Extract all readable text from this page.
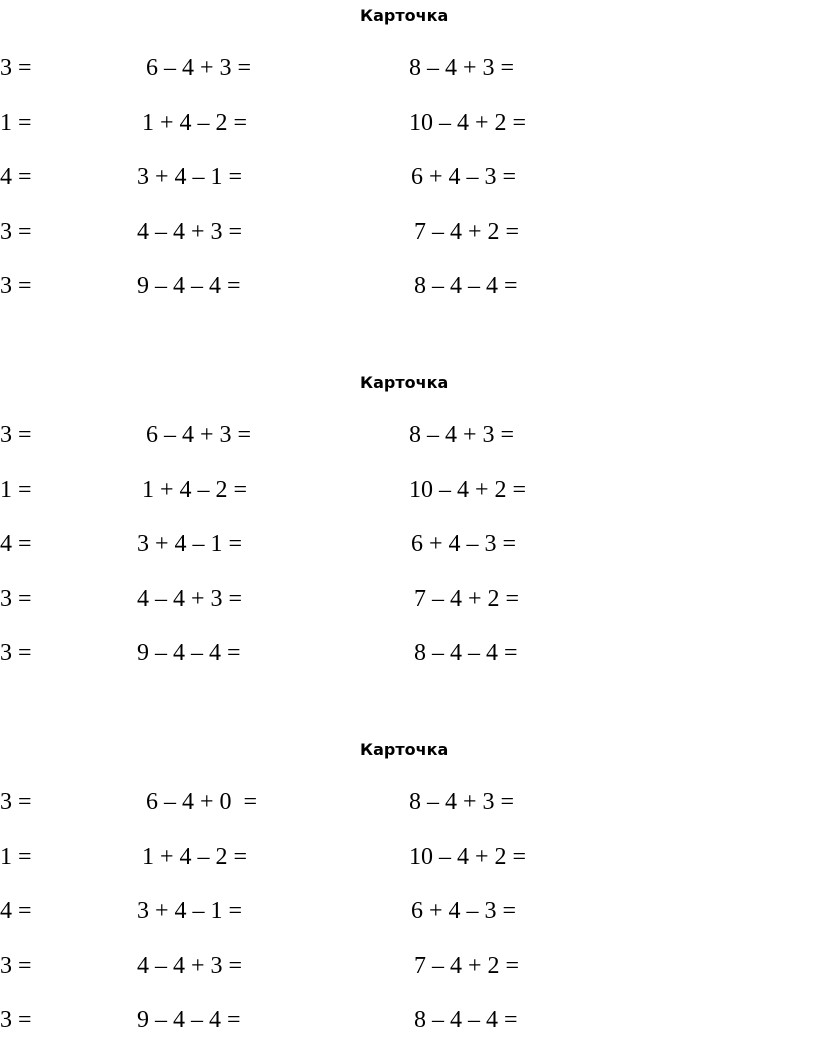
Карточка
3 =	6 – 4 + 3 =	8 – 4 + 3 =
1 =	1 + 4 – 2 =	10 – 4 + 2 =
4 =	3 + 4 – 1 =	6 + 4 – 3 =
3 =	4 – 4 + 3 =	7 – 4 + 2 =
3 =	9 – 4 – 4 =	8 – 4 – 4 =
Карточка
3 =	6 – 4 + 3 =	8 – 4 + 3 =
1 =	1 + 4 – 2 =	10 – 4 + 2 =
4 =	3 + 4 – 1 =	6 + 4 – 3 =
3 =	4 – 4 + 3 =	7 – 4 + 2 =
3 =	9 – 4 – 4 =	8 – 4 – 4 =
Карточка
3 =	6 – 4 + 0  =	8 – 4 + 3 =
1 =	1 + 4 – 2 =	10 – 4 + 2 =
4 =	3 + 4 – 1 =	6 + 4 – 3 =
3 =	4 – 4 + 3 =	7 – 4 + 2 =
3 =	9 – 4 – 4 =	8 – 4 – 4 =
